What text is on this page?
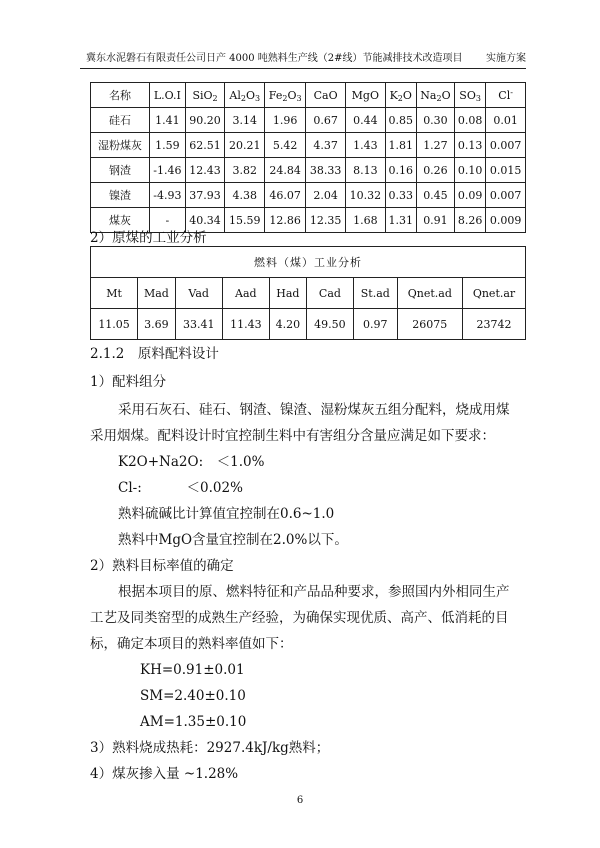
冀东水泥磐石有限责任公司日产 4000 吨熟料生产线（2#线）节能减排技术改造项目 实施方案
名称	L.O.I	SiO$_2$	$Al_2O_3$	$Fe_2O_3$	CaO	MgO	$K_2O$	$Na_2O$	$SO_3$	Cl-
硅石	1.41	90.20	3.14	1.96	0.67	0.44	0.85	0.30	0.08	0.01
湿粉煤灰	1.59	62.51	20.21	5.42	4.37	1.43	1.81	1.27	0.13	0.007
钢渣	-1.46	12.43	3.82	24.84	38.33	8.13	0.16	0.26	0.10	0.015
镍渣	-4.93	37.93	4.38	46.07	2.04	10.32	0.33	0.45	0.09	0.007
煤灰	-	40.34	15.59	12.86	12.35	1.68	1.31	0.91	8.26	0.009
2）原煤的工业分析
燃料（煤）工业分析								
Mt	Mad	Vad	Aad	Had	Cad	St.ad	Qnet.ad	Qnet.ar
11.05	3.69	33.41	11.43	4.20	49.50	0.97	26075	23742
2.1.2　原料配料设计
1）配料组分
采用石灰石、硅石、钢渣、镍渣、湿粉煤灰五组分配料，烧成用煤
采用烟煤。配料设计时宜控制生料中有害组分含量应满足如下要求：
K2O+Na2O:　＜1.0%
Cl-:　　　 ＜0.02%
熟料硫碱比计算值宜控制在0.6~1.0
熟料中MgO含量宜控制在2.0%以下。
2）熟料目标率值的确定
根据本项目的原、燃料特征和产品品种要求，参照国内外相同生产
工艺及同类窑型的成熟生产经验，为确保实现优质、高产、低消耗的目
标，确定本项目的熟料率值如下：
KH=0.91±0.01
SM=2.40±0.10
AM=1.35±0.10
3）熟料烧成热耗：2927.4kJ/kg熟料；
4）煤灰掺入量 ~1.28%
6
